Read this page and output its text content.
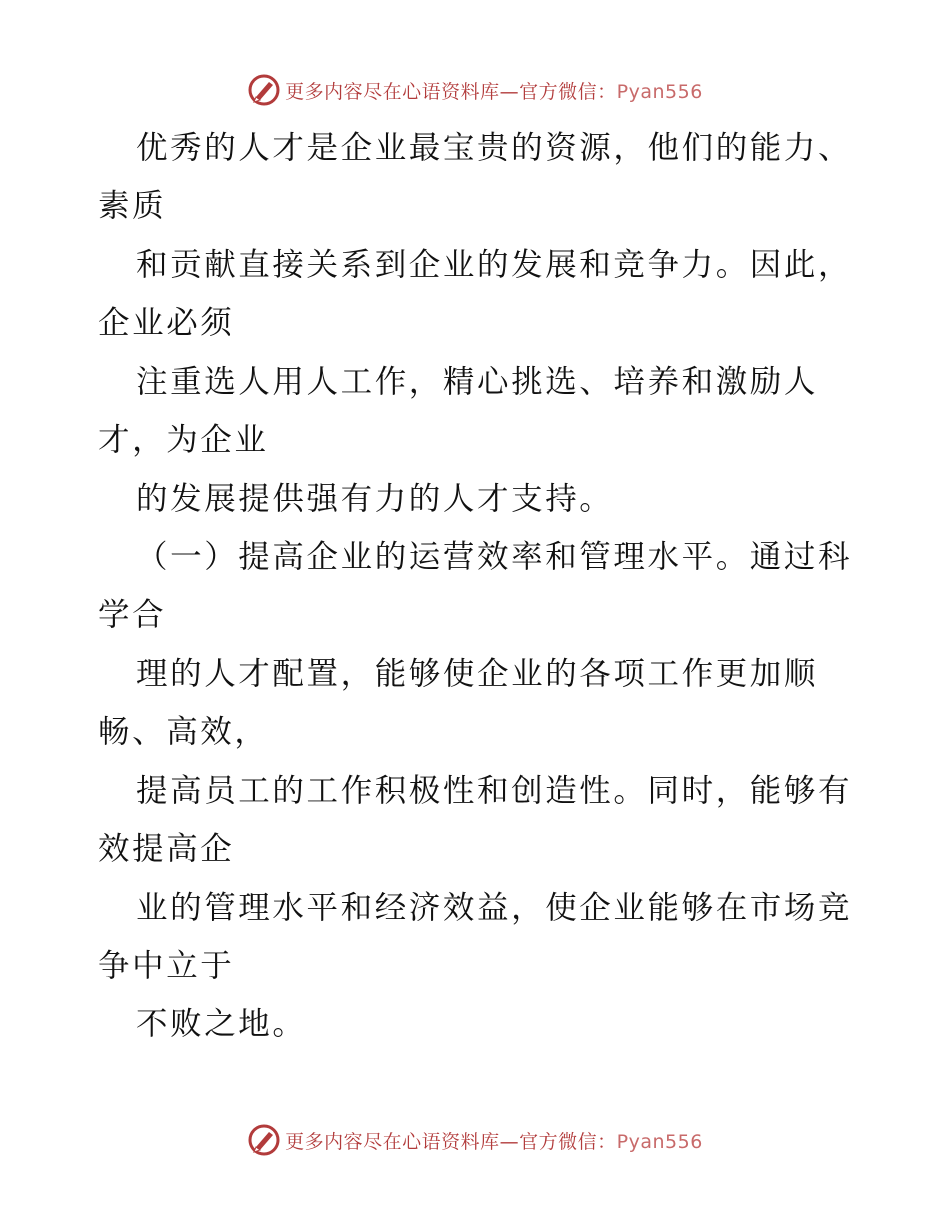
更多内容尽在心语资料库—官方微信：Pyan556
优秀的人才是企业最宝贵的资源，他们的能力、
素质
和贡献直接关系到企业的发展和竞争力。因此，
企业必须
注重选人用人工作，精心挑选、培养和激励人
才，为企业
的发展提供强有力的人才支持。
（一）提高企业的运营效率和管理水平。通过科
学合
理的人才配置，能够使企业的各项工作更加顺
畅、高效，
提高员工的工作积极性和创造性。同时，能够有
效提高企
业的管理水平和经济效益，使企业能够在市场竞
争中立于
不败之地。
更多内容尽在心语资料库—官方微信：Pyan556
